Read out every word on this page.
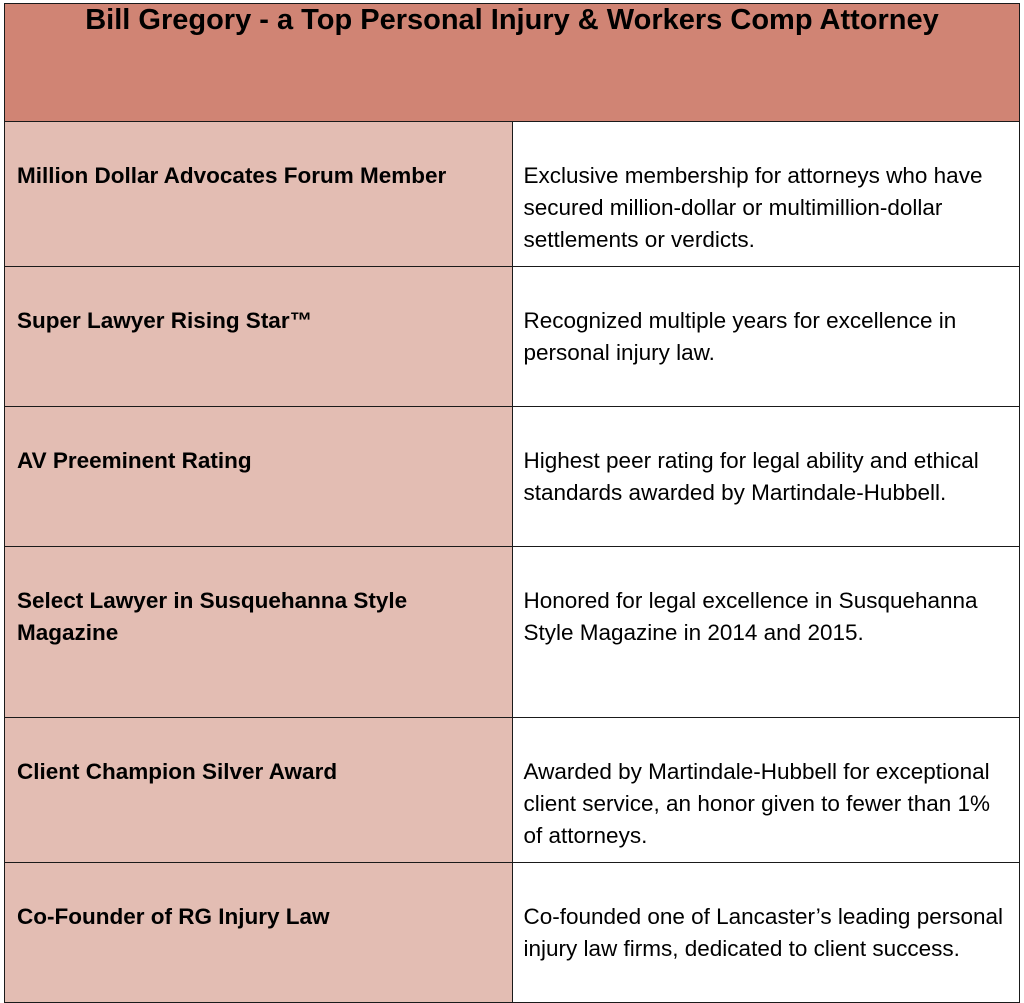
Bill Gregory - a Top Personal Injury & Workers Comp Attorney	
Million Dollar Advocates Forum Member	Exclusive membership for attorneys who have secured million-dollar or multimillion-dollar settlements or verdicts.
Super Lawyer Rising Star™	Recognized multiple years for excellence in personal injury law.
AV Preeminent Rating	Highest peer rating for legal ability and ethical standards awarded by Martindale-Hubbell.
Select Lawyer in Susquehanna Style Magazine	Honored for legal excellence in Susquehanna Style Magazine in 2014 and 2015.
Client Champion Silver Award	Awarded by Martindale-Hubbell for exceptional client service, an honor given to fewer than 1% of attorneys.
Co-Founder of RG Injury Law	Co-founded one of Lancaster’s leading personal injury law firms, dedicated to client success.
